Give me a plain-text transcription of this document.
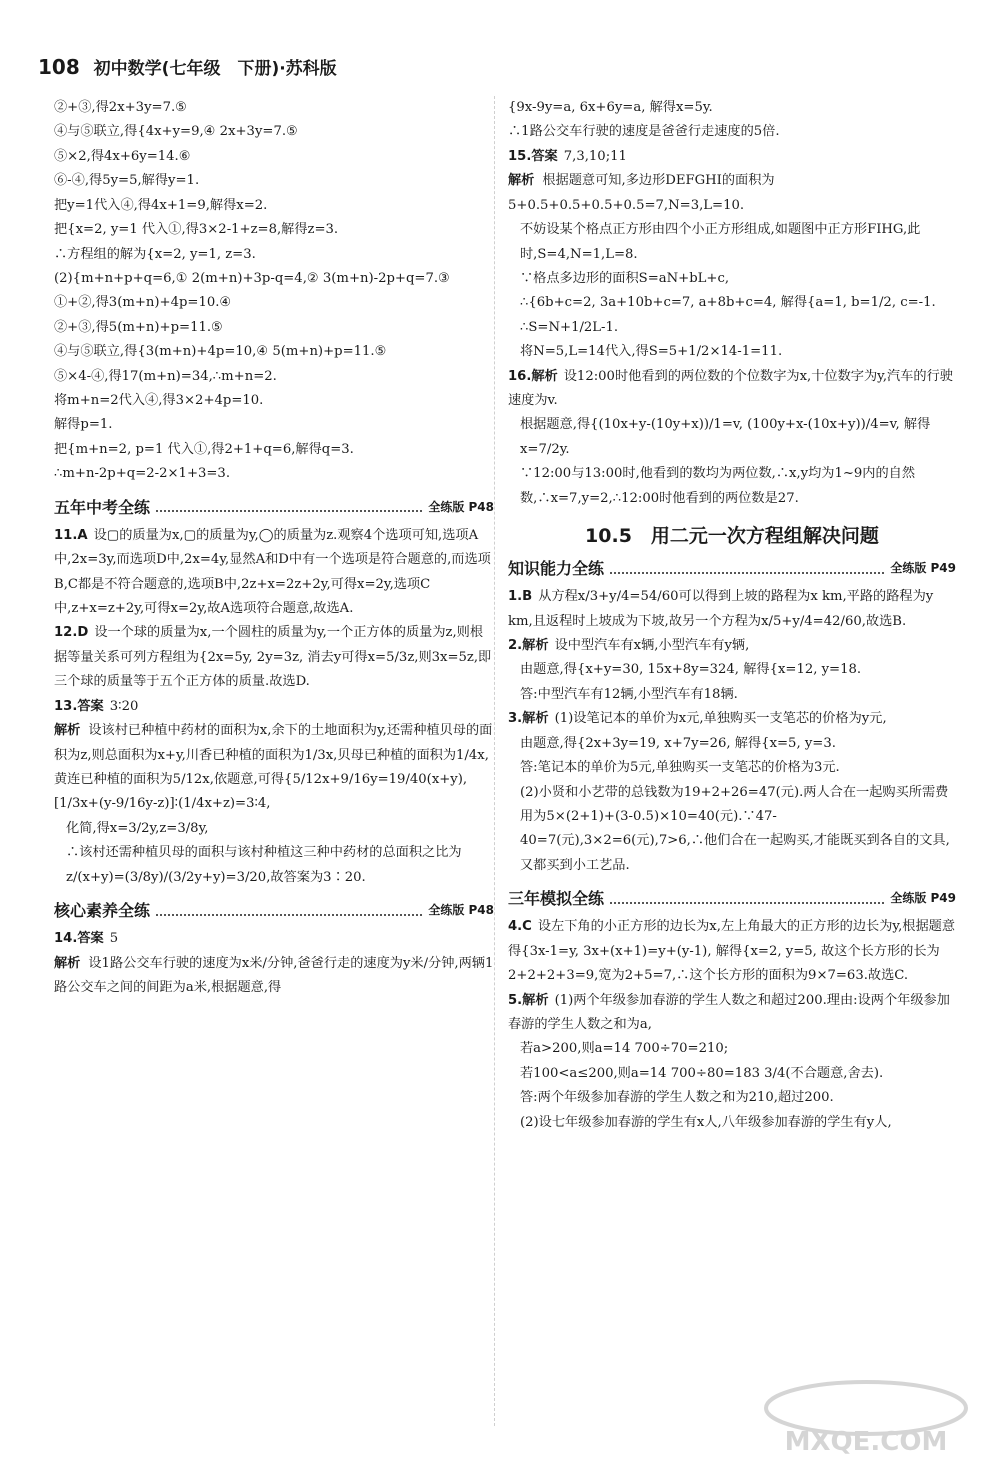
108 初中数学(七年级　下册)·苏科版
②+③,得2x+3y=7.⑤
④与⑤联立,得{4x+y=9,④ 2x+3y=7.⑤
⑤×2,得4x+6y=14.⑥
⑥-④,得5y=5,解得y=1.
把y=1代入④,得4x+1=9,解得x=2.
把{x=2, y=1 代入①,得3×2-1+z=8,解得z=3.
∴方程组的解为{x=2, y=1, z=3.
(2){m+n+p+q=6,① 2(m+n)+3p-q=4,② 3(m+n)-2p+q=7.③
①+②,得3(m+n)+4p=10.④
②+③,得5(m+n)+p=11.⑤
④与⑤联立,得{3(m+n)+4p=10,④ 5(m+n)+p=11.⑤
⑤×4-④,得17(m+n)=34,∴m+n=2.
将m+n=2代入④,得3×2+4p=10.
解得p=1.
把{m+n=2, p=1 代入①,得2+1+q=6,解得q=3.
∴m+n-2p+q=2-2×1+3=3.
五年中考全练	全练版 P48
11.A 设▢的质量为x,▢的质量为y,◯的质量为z.观察4个选项可知,选项A中,2x=3y,而选项D中,2x=4y,显然A和D中有一个选项是符合题意的,而选项B,C都是不符合题意的,选项B中,2z+x=2z+2y,可得x=2y,选项C中,z+x=z+2y,可得x=2y,故A选项符合题意,故选A.
12.D 设一个球的质量为x,一个圆柱的质量为y,一个正方体的质量为z,则根据等量关系可列方程组为{2x=5y, 2y=3z, 消去y可得x=5/3z,则3x=5z,即三个球的质量等于五个正方体的质量.故选D.
13.答案 3∶20
解析 设该村已种植中药材的面积为x,余下的土地面积为y,还需种植贝母的面积为z,则总面积为x+y,川香已种植的面积为1/3x,贝母已种植的面积为1/4x,黄连已种植的面积为5/12x,依题意,可得{5/12x+9/16y=19/40(x+y), [1/3x+(y-9/16y-z)]∶(1/4x+z)=3∶4,
化简,得x=3/2y,z=3/8y,
∴该村还需种植贝母的面积与该村种植这三种中药材的总面积之比为z/(x+y)=(3/8y)/(3/2y+y)=3/20,故答案为3∶20.
核心素养全练	全练版 P48
14.答案 5
解析 设1路公交车行驶的速度为x米/分钟,爸爸行走的速度为y米/分钟,两辆1路公交车之间的间距为a米,根据题意,得
{9x-9y=a, 6x+6y=a, 解得x=5y.
∴1路公交车行驶的速度是爸爸行走速度的5倍.
15.答案 7,3,10;11
解析 根据题意可知,多边形DEFGHI的面积为5+0.5+0.5+0.5+0.5=7,N=3,L=10.
不妨设某个格点正方形由四个小正方形组成,如题图中正方形FIHG,此时,S=4,N=1,L=8.
∵格点多边形的面积S=aN+bL+c,
∴{6b+c=2, 3a+10b+c=7, a+8b+c=4, 解得{a=1, b=1/2, c=-1. ∴S=N+1/2L-1.
将N=5,L=14代入,得S=5+1/2×14-1=11.
16.解析 设12:00时他看到的两位数的个位数字为x,十位数字为y,汽车的行驶速度为v.
根据题意,得{(10x+y-(10y+x))/1=v, (100y+x-(10x+y))/4=v, 解得x=7/2y.
∵12:00与13:00时,他看到的数均为两位数,∴x,y均为1~9内的自然数,∴x=7,y=2,∴12:00时他看到的两位数是27.
10.5　用二元一次方程组解决问题
知识能力全练	全练版 P49
1.B 从方程x/3+y/4=54/60可以得到上坡的路程为x km,平路的路程为y km,且返程时上坡成为下坡,故另一个方程为x/5+y/4=42/60,故选B.
2.解析 设中型汽车有x辆,小型汽车有y辆,
由题意,得{x+y=30, 15x+8y=324, 解得{x=12, y=18.
答:中型汽车有12辆,小型汽车有18辆.
3.解析 (1)设笔记本的单价为x元,单独购买一支笔芯的价格为y元,
由题意,得{2x+3y=19, x+7y=26, 解得{x=5, y=3.
答:笔记本的单价为5元,单独购买一支笔芯的价格为3元.
(2)小贤和小艺带的总钱数为19+2+26=47(元).两人合在一起购买所需费用为5×(2+1)+(3-0.5)×10=40(元).∵47-40=7(元),3×2=6(元),7>6,∴他们合在一起购买,才能既买到各自的文具,又都买到小工艺品.
三年模拟全练	全练版 P49
4.C 设左下角的小正方形的边长为x,左上角最大的正方形的边长为y,根据题意得{3x-1=y, 3x+(x+1)=y+(y-1), 解得{x=2, y=5, 故这个长方形的长为2+2+2+3=9,宽为2+5=7,∴这个长方形的面积为9×7=63.故选C.
5.解析 (1)两个年级参加春游的学生人数之和超过200.理由:设两个年级参加春游的学生人数之和为a,
若a>200,则a=14 700÷70=210;
若100<a≤200,则a=14 700÷80=183 3/4(不合题意,舍去).
答:两个年级参加春游的学生人数之和为210,超过200.
(2)设七年级参加春游的学生有x人,八年级参加春游的学生有y人,
MXQE.COM
